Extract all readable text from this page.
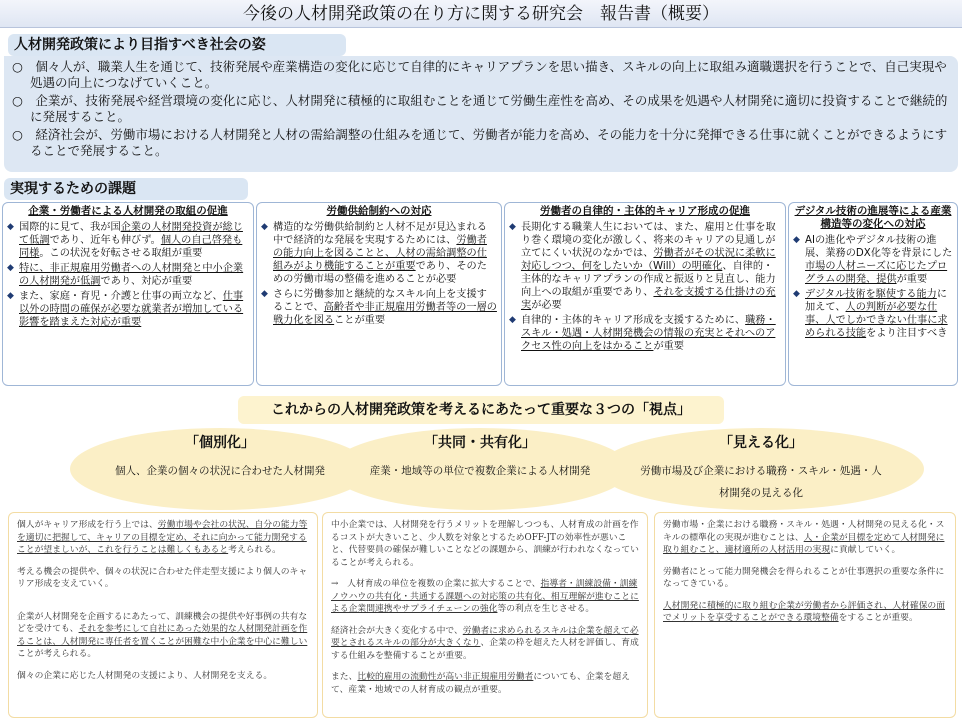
今後の人材開発政策の在り方に関する研究会　報告書（概要）
人材開発政策により目指すべき社会の姿

○　個々人が、職業人生を通じて、技術発展や産業構造の変化に応じて自律的にキャリアプランを思い描き、スキルの向上に取組み適職選択を行うことで、自己実現や処遇の向上につなげていくこと。

○　企業が、技術発展や経営環境の変化に応じ、人材開発に積極的に取組むことを通じて労働生産性を高め、その成果を処遇や人材開発に適切に投資することで継続的に発展すること。

○　経済社会が、労働市場における人材開発と人材の需給調整の仕組みを通じて、労働者が能力を高め、その能力を十分に発揮できる仕事に就くことができるようにすることで発展すること。

実現するための課題
企業・労働者による人材開発の取組の促進
◆ 国際的に見て、我が国企業の人材開発投資が総じて低調であり、近年も伸びず。個人の自己啓発も同様。この状況を好転させる取組が重要
◆ 特に、非正規雇用労働者への人材開発と中小企業の人材開発が低調であり、対応が重要
◆ また、家庭・育児・介護と仕事の両立など、仕事以外の時間の確保が必要な就業者が増加している影響を踏まえた対応が重要
労働供給制約への対応
◆ 構造的な労働供給制約と人材不足が見込まれる中で経済的な発展を実現するためには、労働者の能力向上を図ることと、人材の需給調整の仕組みがより機能することが重要であり、そのための労働市場の整備を進めることが必要
◆ さらに労働参加と継続的なスキル向上を支援することで、高齢者や非正規雇用労働者等の一層の戦力化を図ることが重要
労働者の自律的・主体的キャリア形成の促進
◆ 長期化する職業人生においては、また、雇用と仕事を取り巻く環境の変化が激しく、将来のキャリアの見通しが立てにくい状況のなかでは、労働者がその状況に柔軟に対応しつつ、何をしたいか（Will）の明確化、自律的・主体的なキャリアプランの作成と振返りと見直し、能力向上への取組が重要であり、それを支援する仕掛けの充実が必要
◆ 自律的・主体的キャリア形成を支援するために、職務・スキル・処遇・人材開発機会の情報の充実とそれへのアクセス性の向上をはかることが重要
デジタル技術の進展等による産業構造等の変化への対応
◆ AIの進化やデジタル技術の進展、業務のDX化等を背景にした市場の人材ニーズに応じたプログラムの開発、提供が重要
◆ デジタル技術を駆使する能力に加えて、人の判断が必要な仕事、人でしかできない仕事に求められる技能をより注目すべき
これからの人材開発政策を考えるにあたって重要な３つの「視点」
「個別化」
個人、企業の個々の状況に合わせた人材開発
「共同・共有化」
産業・地域等の単位で複数企業による人材開発
「見える化」
労働市場及び企業における職務・スキル・処遇・人材開発の見える化

個人がキャリア形成を行う上では、労働市場や会社の状況、自分の能力等を適切に把握して、キャリアの目標を定め、それに向かって能力開発することが望ましいが、これを行うことは難しくもあると考えられる。

考える機会の提供や、個々の状況に合わせた伴走型支援により個人のキャリア形成を支えていく。

企業が人材開発を企画するにあたって、訓練機会の提供や好事例の共有などを受けても、それを参考にして自社にあった効果的な人材開発計画を作ることは、人材開発に専任者を置くことが困難な中小企業を中心に難しいことが考えられる。

個々の企業に応じた人材開発の支援により、人材開発を支える。

中小企業では、人材開発を行うメリットを理解しつつも、人材育成の計画を作るコストが大きいこと、少人数を対象とするためOFF-JTの効率性が悪いこと、代替要員の確保が難しいことなどの課題から、訓練が行われなくなっていることが考えられる。

→　人材育成の単位を複数の企業に拡大することで、指導者・訓練設備・訓練ノウハウの共有化・共通する課題への対応策の共有化、相互理解が進むことによる企業間連携やサプライチェーンの強化等の利点を生じさせる。

経済社会が大きく変化する中で、労働者に求められるスキルは企業を超えて必要とされるスキルの部分が大きくなり、企業の枠を超えた人材を評価し、育成する仕組みを整備することが重要。

また、比較的雇用の流動性が高い非正規雇用労働者についても、企業を超えて、産業・地域での人材育成の観点が重要。

労働市場・企業における職務・スキル・処遇・人材開発の見える化・スキルの標準化の実現が進むことは、人・企業が目標を定めて人材開発に取り組むこと、適材適所の人材活用の実現に貢献していく。

労働者にとって能力開発機会を得られることが仕事選択の重要な条件になってきている。

人材開発に積極的に取り組む企業が労働者から評価され、人材確保の面でメリットを享受することができる環境整備をすることが重要。
